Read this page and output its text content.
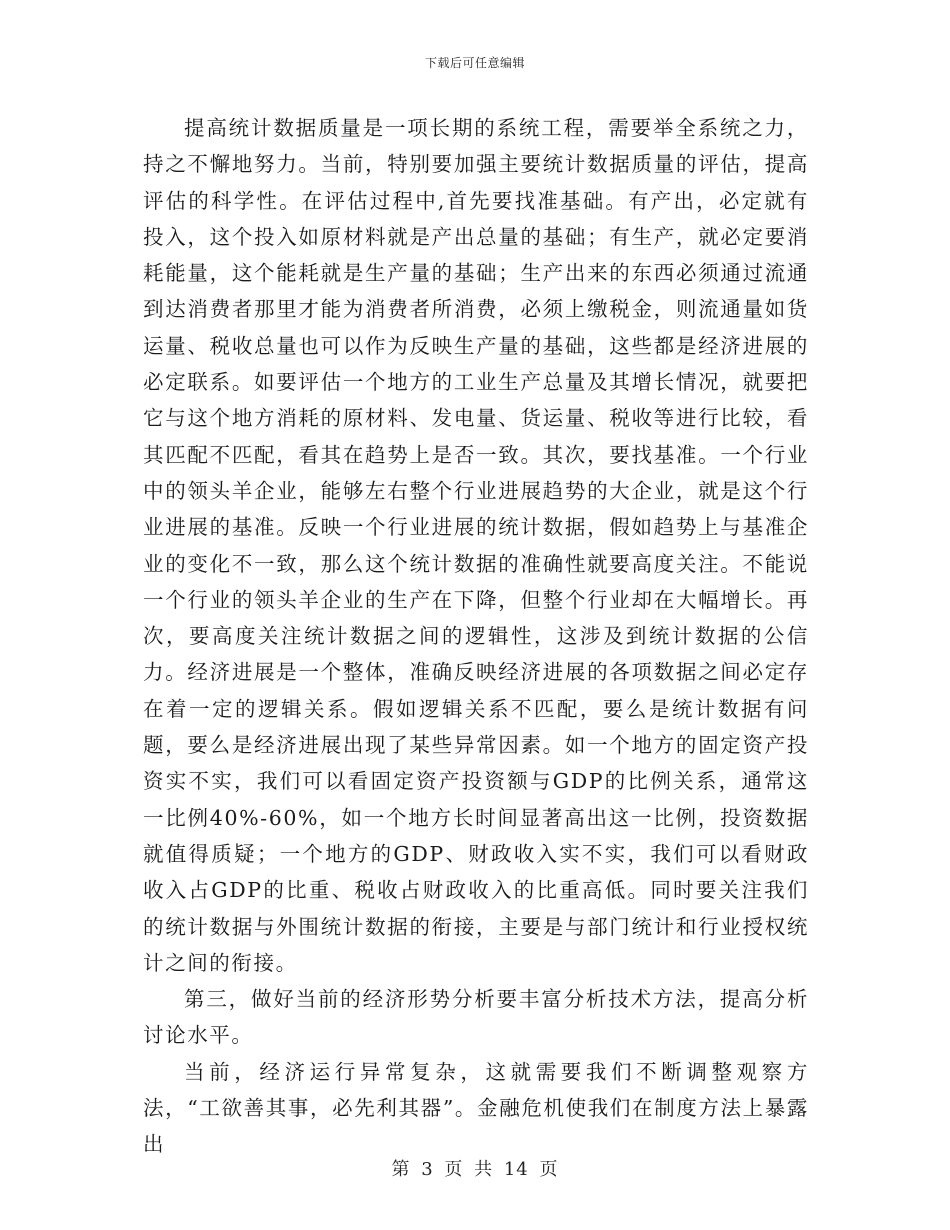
下载后可任意编辑

提高统计数据质量是一项长期的系统工程，需要举全系统之力，持之不懈地努力。当前，特别要加强主要统计数据质量的评估，提高评估的科学性。在评估过程中,首先要找准基础。有产出，必定就有投入，这个投入如原材料就是产出总量的基础；有生产，就必定要消耗能量，这个能耗就是生产量的基础；生产出来的东西必须通过流通到达消费者那里才能为消费者所消费，必须上缴税金，则流通量如货运量、税收总量也可以作为反映生产量的基础，这些都是经济进展的必定联系。如要评估一个地方的工业生产总量及其增长情况，就要把它与这个地方消耗的原材料、发电量、货运量、税收等进行比较，看其匹配不匹配，看其在趋势上是否一致。其次，要找基准。一个行业中的领头羊企业，能够左右整个行业进展趋势的大企业，就是这个行业进展的基准。反映一个行业进展的统计数据，假如趋势上与基准企业的变化不一致，那么这个统计数据的准确性就要高度关注。不能说一个行业的领头羊企业的生产在下降，但整个行业却在大幅增长。再次，要高度关注统计数据之间的逻辑性，这涉及到统计数据的公信力。经济进展是一个整体，准确反映经济进展的各项数据之间必定存在着一定的逻辑关系。假如逻辑关系不匹配，要么是统计数据有问题，要么是经济进展出现了某些异常因素。如一个地方的固定资产投资实不实，我们可以看固定资产投资额与GDP的比例关系，通常这一比例40%-60%，如一个地方长时间显著高出这一比例，投资数据就值得质疑；一个地方的GDP、财政收入实不实，我们可以看财政收入占GDP的比重、税收占财政收入的比重高低。同时要关注我们的统计数据与外围统计数据的衔接，主要是与部门统计和行业授权统计之间的衔接。

第三，做好当前的经济形势分析要丰富分析技术方法，提高分析讨论水平。

当前，经济运行异常复杂，这就需要我们不断调整观察方法，“工欲善其事，必先利其器”。金融危机使我们在制度方法上暴露出

第 3 页 共 14 页
